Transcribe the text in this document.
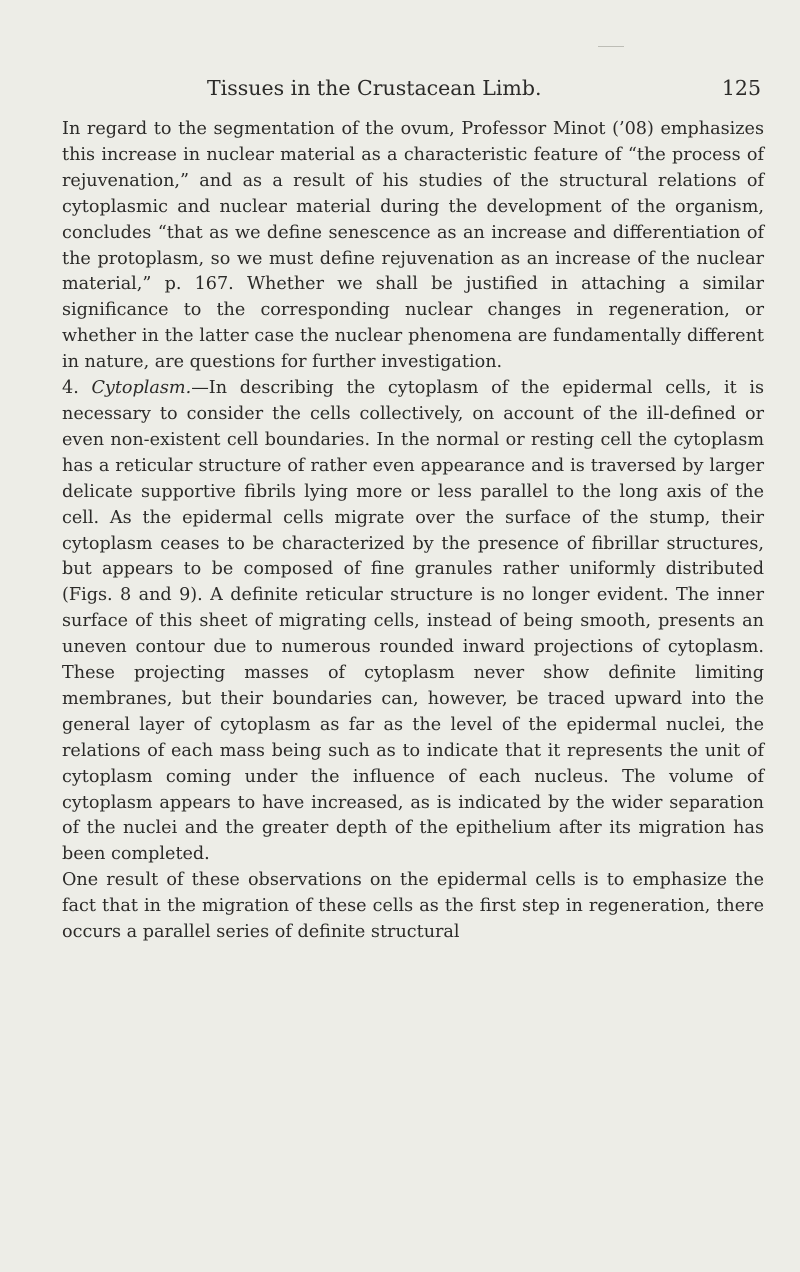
Tissues in the Crustacean Limb.	125

In regard to the segmentation of the ovum, Professor Minot (’08) emphasizes this increase in nuclear material as a characteristic feature of “the process of rejuvenation,” and as a result of his studies of the structural relations of cytoplasmic and nuclear material during the development of the organism, concludes “that as we define senescence as an increase and differentiation of the protoplasm, so we must define rejuvenation as an increase of the nuclear material,” p. 167. Whether we shall be justified in attaching a similar significance to the corresponding nuclear changes in regeneration, or whether in the latter case the nuclear phenomena are fundamentally different in nature, are questions for further investigation.

4. Cytoplasm.—In describing the cytoplasm of the epidermal cells, it is necessary to consider the cells collectively, on account of the ill-defined or even non-existent cell boundaries. In the normal or resting cell the cytoplasm has a reticular structure of rather even appearance and is traversed by larger delicate supportive fibrils lying more or less parallel to the long axis of the cell. As the epidermal cells migrate over the surface of the stump, their cytoplasm ceases to be characterized by the presence of fibrillar structures, but appears to be composed of fine granules rather uniformly distributed (Figs. 8 and 9). A definite reticular structure is no longer evident. The inner surface of this sheet of migrating cells, instead of being smooth, presents an uneven contour due to numerous rounded inward projections of cytoplasm. These projecting masses of cytoplasm never show definite limiting membranes, but their boundaries can, however, be traced upward into the general layer of cytoplasm as far as the level of the epidermal nuclei, the relations of each mass being such as to indicate that it represents the unit of cytoplasm coming under the influence of each nucleus. The volume of cytoplasm appears to have increased, as is indicated by the wider separation of the nuclei and the greater depth of the epithelium after its migration has been completed.

One result of these observations on the epidermal cells is to emphasize the fact that in the migration of these cells as the first step in regeneration, there occurs a parallel series of definite structural
